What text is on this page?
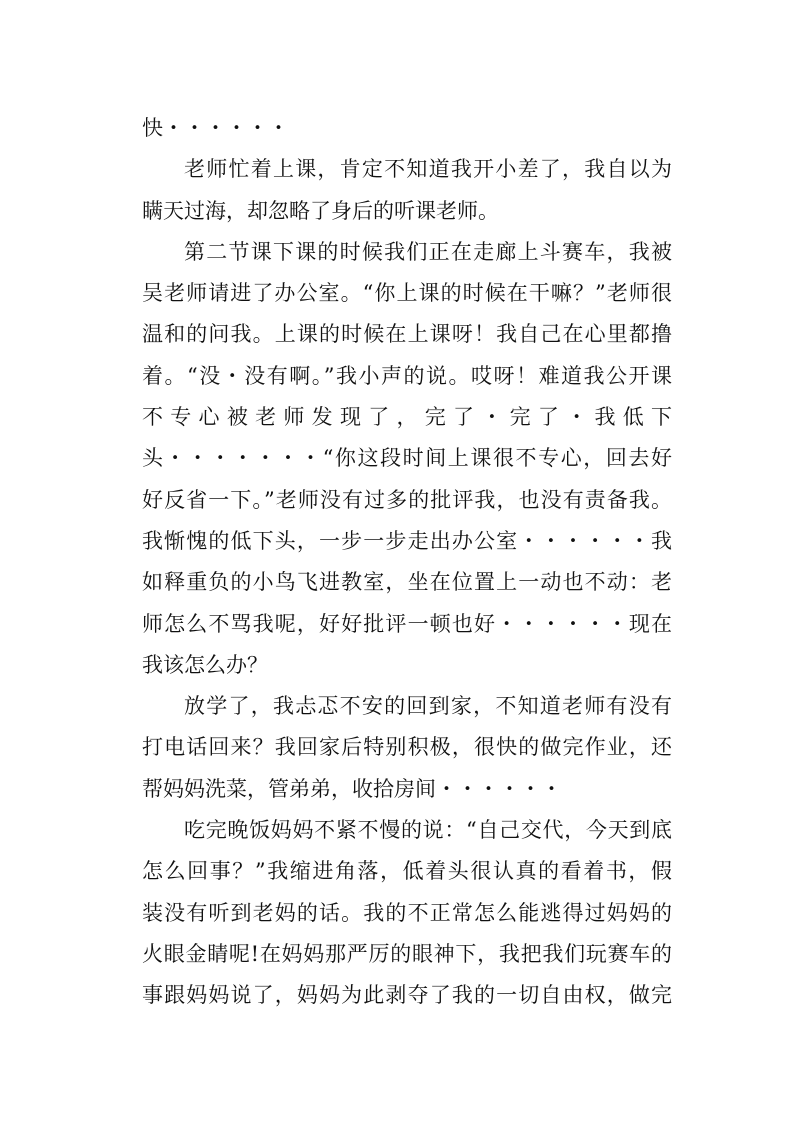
快・・・・・・
老师忙着上课，肯定不知道我开小差了，我自以为
瞒天过海，却忽略了身后的听课老师。
第二节课下课的时候我们正在走廊上斗赛车，我被
吴老师请进了办公室。“你上课的时候在干嘛？”老师很
温和的问我。上课的时候在上课呀！我自己在心里都撸
着。“没・没有啊。”我小声的说。哎呀！难道我公开课
不专心被老师发现了，完了・完了・我低下
头・・・・・・・“你这段时间上课很不专心，回去好
好反省一下。”老师没有过多的批评我，也没有责备我。
我惭愧的低下头，一步一步走出办公室・・・・・・我
如释重负的小鸟飞进教室，坐在位置上一动也不动：老
师怎么不骂我呢，好好批评一顿也好・・・・・・现在
我该怎么办？
放学了，我忐忑不安的回到家，不知道老师有没有
打电话回来？我回家后特别积极，很快的做完作业，还
帮妈妈洗菜，管弟弟，收拾房间・・・・・・
吃完晚饭妈妈不紧不慢的说：“自己交代，今天到底
怎么回事？”我缩进角落，低着头很认真的看着书，假
装没有听到老妈的话。我的不正常怎么能逃得过妈妈的
火眼金睛呢!在妈妈那严厉的眼神下，我把我们玩赛车的
事跟妈妈说了，妈妈为此剥夺了我的一切自由权，做完
